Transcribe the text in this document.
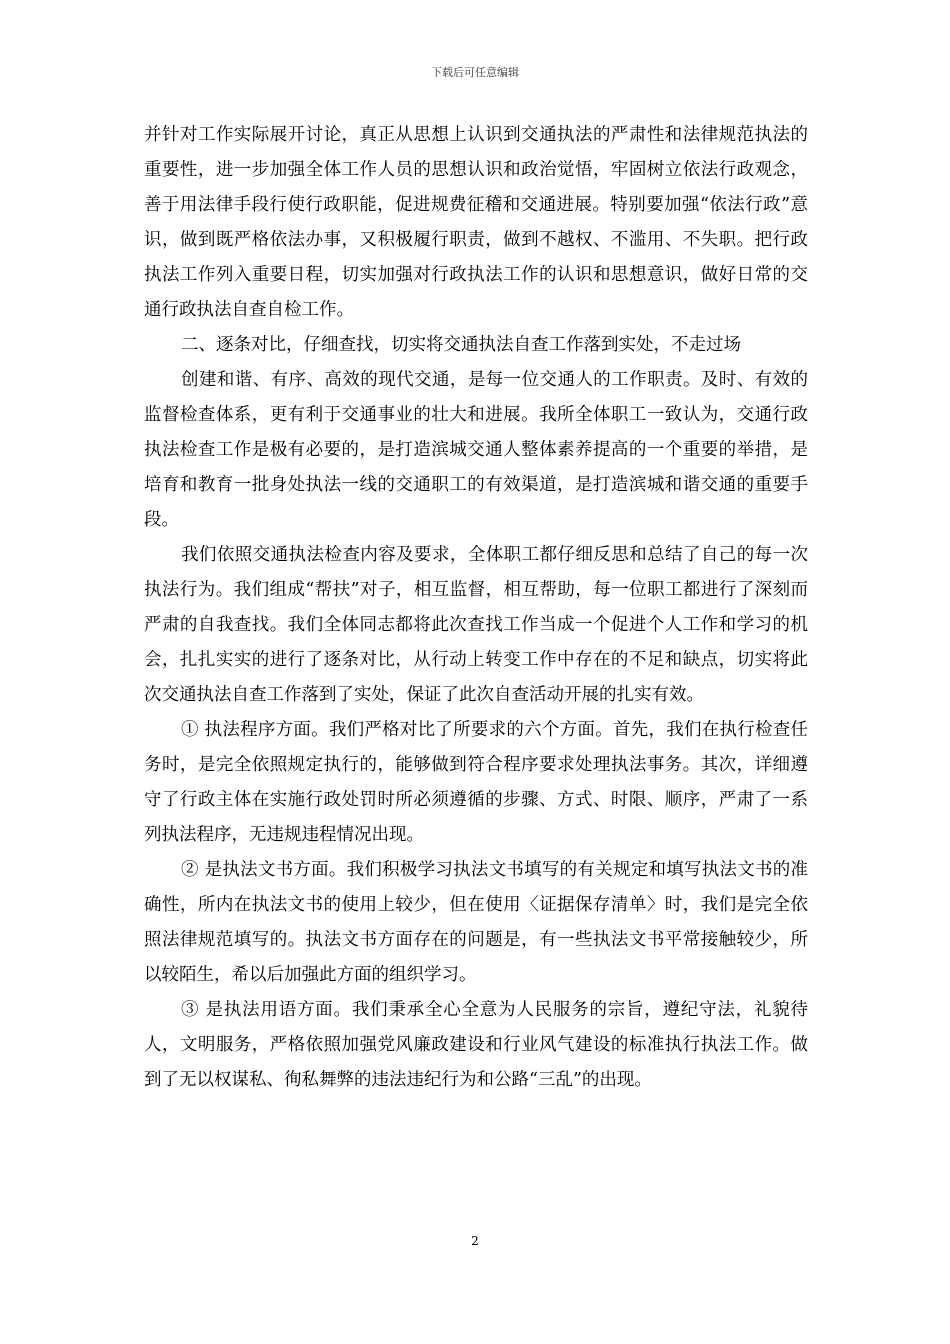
下载后可任意编辑

并针对工作实际展开讨论，真正从思想上认识到交通执法的严肃性和法律规范执法的重要性，进一步加强全体工作人员的思想认识和政治觉悟，牢固树立依法行政观念，善于用法律手段行使行政职能，促进规费征稽和交通进展。特别要加强“依法行政”意识，做到既严格依法办事，又积极履行职责，做到不越权、不滥用、不失职。把行政执法工作列入重要日程，切实加强对行政执法工作的认识和思想意识，做好日常的交通行政执法自查自检工作。

二、逐条对比，仔细查找，切实将交通执法自查工作落到实处，不走过场

创建和谐、有序、高效的现代交通，是每一位交通人的工作职责。及时、有效的监督检查体系，更有利于交通事业的壮大和进展。我所全体职工一致认为，交通行政执法检查工作是极有必要的，是打造滨城交通人整体素养提高的一个重要的举措，是培育和教育一批身处执法一线的交通职工的有效渠道，是打造滨城和谐交通的重要手段。

我们依照交通执法检查内容及要求，全体职工都仔细反思和总结了自己的每一次执法行为。我们组成“帮扶”对子，相互监督，相互帮助，每一位职工都进行了深刻而严肃的自我查找。我们全体同志都将此次查找工作当成一个促进个人工作和学习的机会，扎扎实实的进行了逐条对比，从行动上转变工作中存在的不足和缺点，切实将此次交通执法自查工作落到了实处，保证了此次自查活动开展的扎实有效。

① 执法程序方面。我们严格对比了所要求的六个方面。首先，我们在执行检查任务时，是完全依照规定执行的，能够做到符合程序要求处理执法事务。其次，详细遵守了行政主体在实施行政处罚时所必须遵循的步骤、方式、时限、顺序，严肃了一系列执法程序，无违规违程情况出现。

② 是执法文书方面。我们积极学习执法文书填写的有关规定和填写执法文书的准确性，所内在执法文书的使用上较少，但在使用〈证据保存清单〉时，我们是完全依照法律规范填写的。执法文书方面存在的问题是，有一些执法文书平常接触较少，所以较陌生，希以后加强此方面的组织学习。

③ 是执法用语方面。我们秉承全心全意为人民服务的宗旨，遵纪守法，礼貌待人，文明服务，严格依照加强党风廉政建设和行业风气建设的标准执行执法工作。做到了无以权谋私、徇私舞弊的违法违纪行为和公路“三乱”的出现。

2
